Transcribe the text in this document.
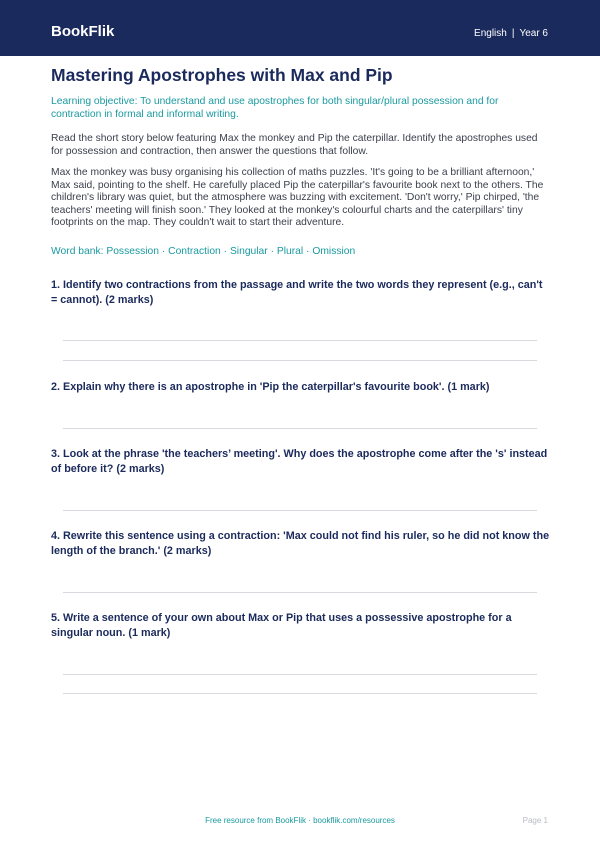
BookFlik	English | Year 6
Mastering Apostrophes with Max and Pip

Learning objective: To understand and use apostrophes for both singular/plural possession and for contraction in formal and informal writing.

Read the short story below featuring Max the monkey and Pip the caterpillar. Identify the apostrophes used for possession and contraction, then answer the questions that follow.

Max the monkey was busy organising his collection of maths puzzles. 'It's going to be a brilliant afternoon,' Max said, pointing to the shelf. He carefully placed Pip the caterpillar's favourite book next to the others. The children's library was quiet, but the atmosphere was buzzing with excitement. 'Don't worry,' Pip chirped, 'the teachers' meeting will finish soon.' They looked at the monkey's colourful charts and the caterpillars' tiny footprints on the map. They couldn't wait to start their adventure.

Word bank: Possession · Contraction · Singular · Plural · Omission

1. Identify two contractions from the passage and write the two words they represent (e.g., can't = cannot). (2 marks)

2. Explain why there is an apostrophe in 'Pip the caterpillar's favourite book'. (1 mark)

3. Look at the phrase 'the teachers’ meeting'. Why does the apostrophe come after the 's' instead of before it? (2 marks)

4. Rewrite this sentence using a contraction: 'Max could not find his ruler, so he did not know the length of the branch.' (2 marks)

5. Write a sentence of your own about Max or Pip that uses a possessive apostrophe for a singular noun. (1 mark)

Free resource from BookFlik · bookflik.com/resources	Page 1
